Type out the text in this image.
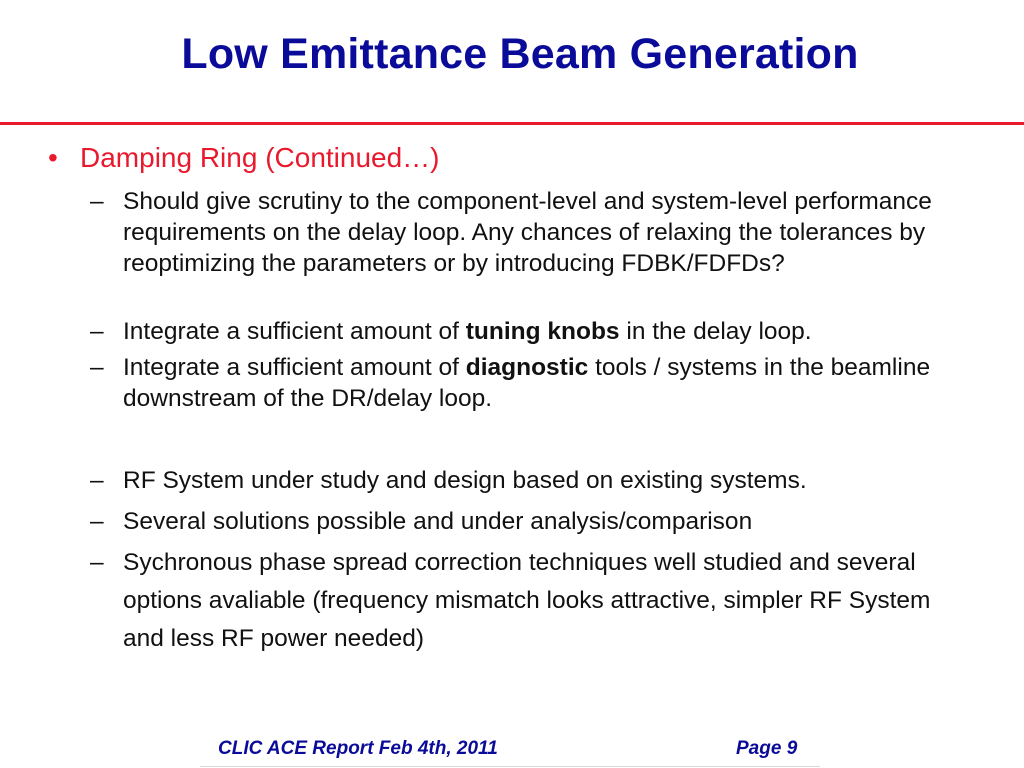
Low Emittance Beam Generation
• Damping Ring (Continued…)
– Should give scrutiny to the component-level and system-level performance requirements on the delay loop. Any chances of relaxing the tolerances by reoptimizing the parameters or by introducing FDBK/FDFDs?
– Integrate a sufficient amount of tuning knobs in the delay loop.
– Integrate a sufficient amount of diagnostic tools / systems in the beamline downstream of the DR/delay loop.
– RF System under study and design based on existing systems.
– Several solutions possible and under analysis/comparison
– Sychronous phase spread correction techniques well studied and several options avaliable (frequency mismatch looks attractive, simpler RF System and less RF power needed)
CLIC ACE Report Feb 4th, 2011	Page 9
